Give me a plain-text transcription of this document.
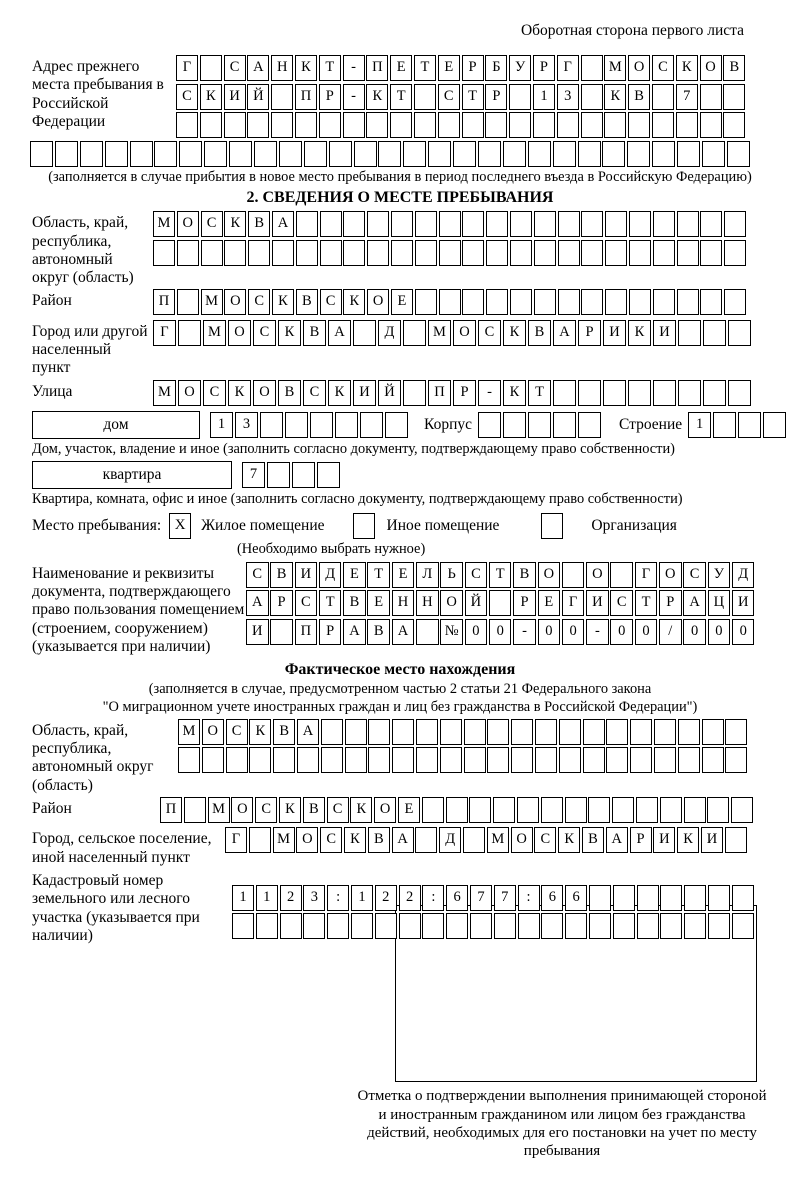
Оборотная сторона первого листа
Адрес прежнего места пребывания в Российской Федерации
Г	С А Н К Т - П Е Т Е Р Б У Р Г	М О С К О В
С К И Й	П Р - К Т	С Т Р	1 3	К В	7
(заполняется в случае прибытия в новое место пребывания в период последнего въезда в Российскую Федерацию)
2. СВЕДЕНИЯ О МЕСТЕ ПРЕБЫВАНИЯ
Область, край, республика, автономный округ (область)
М О С К В А
Район	П М О С К В С К О Е
Город или другой населенный пункт
Г	М О С К В А	Д	М О С К В А Р И К И
Улица	М О С К О В С К И Й	П Р - К Т
дом	1 3	Корпус	Строение 1
Дом, участок, владение и иное (заполнить согласно документу, подтверждающему право собственности)
квартира	7
Квартира, комната, офис и иное (заполнить согласно документу, подтверждающему право собственности)
Место пребывания: X	Жилое помещение	Иное помещение	Организация
(Необходимо выбрать нужное)
Наименование и реквизиты документа, подтверждающего право пользования помещением (строением, сооружением) (указывается при наличии)
С В И Д Е Т Е Л Ь С Т В О	О	Г О С У Д
А Р С Т В Е Н Н О Й	Р Е Г И С Т Р А Ц И
И	П Р А В А	№ 0 0 - 0 0 - 0 0 / 0 0 0
Фактическое место нахождения
(заполняется в случае, предусмотренном частью 2 статьи 21 Федерального закона
"О миграционном учете иностранных граждан и лиц без гражданства в Российской Федерации")
Область, край, республика, автономный округ (область)
М О С К В А
Район	П М О С К В С К О Е
Город, сельское поселение, иной населенный пункт
Г	М О С К В А	Д М О С К В А Р И К И
Кадастровый номер земельного или лесного участка (указывается при наличии)
1 1 2 3 : 1 2 2 : 6 7 7 : 6 6
Отметка о подтверждении выполнения принимающей стороной и иностранным гражданином или лицом без гражданства действий, необходимых для его постановки на учет по месту пребывания
